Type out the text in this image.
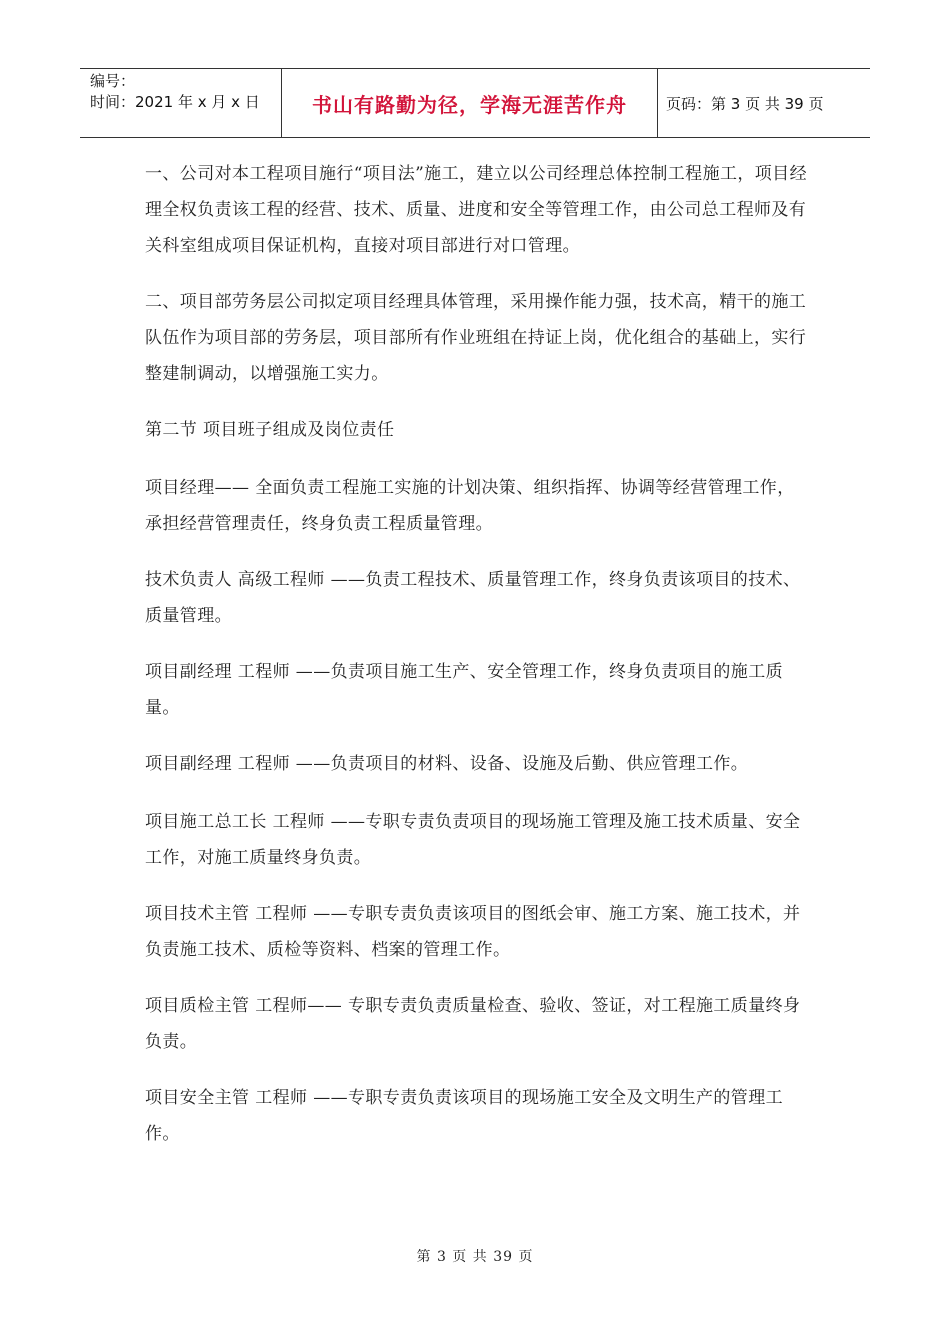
编号：
时间：2021 年 x 月 x 日	书山有路勤为径，学海无涯苦作舟	页码：第 3 页 共 39 页

一、公司对本工程项目施行“项目法”施工，建立以公司经理总体控制工程施工，项目经理全权负责该工程的经营、技术、质量、进度和安全等管理工作，由公司总工程师及有关科室组成项目保证机构，直接对项目部进行对口管理。

二、项目部劳务层公司拟定项目经理具体管理，采用操作能力强，技术高，精干的施工队伍作为项目部的劳务层，项目部所有作业班组在持证上岗，优化组合的基础上，实行整建制调动，以增强施工实力。

第二节 项目班子组成及岗位责任

项目经理—— 全面负责工程施工实施的计划决策、组织指挥、协调等经营管理工作，承担经营管理责任，终身负责工程质量管理。

技术负责人 高级工程师 ——负责工程技术、质量管理工作，终身负责该项目的技术、质量管理。

项目副经理 工程师 ——负责项目施工生产、安全管理工作，终身负责项目的施工质量。

项目副经理 工程师 ——负责项目的材料、设备、设施及后勤、供应管理工作。

项目施工总工长 工程师 ——专职专责负责项目的现场施工管理及施工技术质量、安全工作，对施工质量终身负责。

项目技术主管 工程师 ——专职专责负责该项目的图纸会审、施工方案、施工技术，并负责施工技术、质检等资料、档案的管理工作。

项目质检主管 工程师—— 专职专责负责质量检查、验收、签证，对工程施工质量终身负责。

项目安全主管 工程师 ——专职专责负责该项目的现场施工安全及文明生产的管理工作。

第 3 页 共 39 页
